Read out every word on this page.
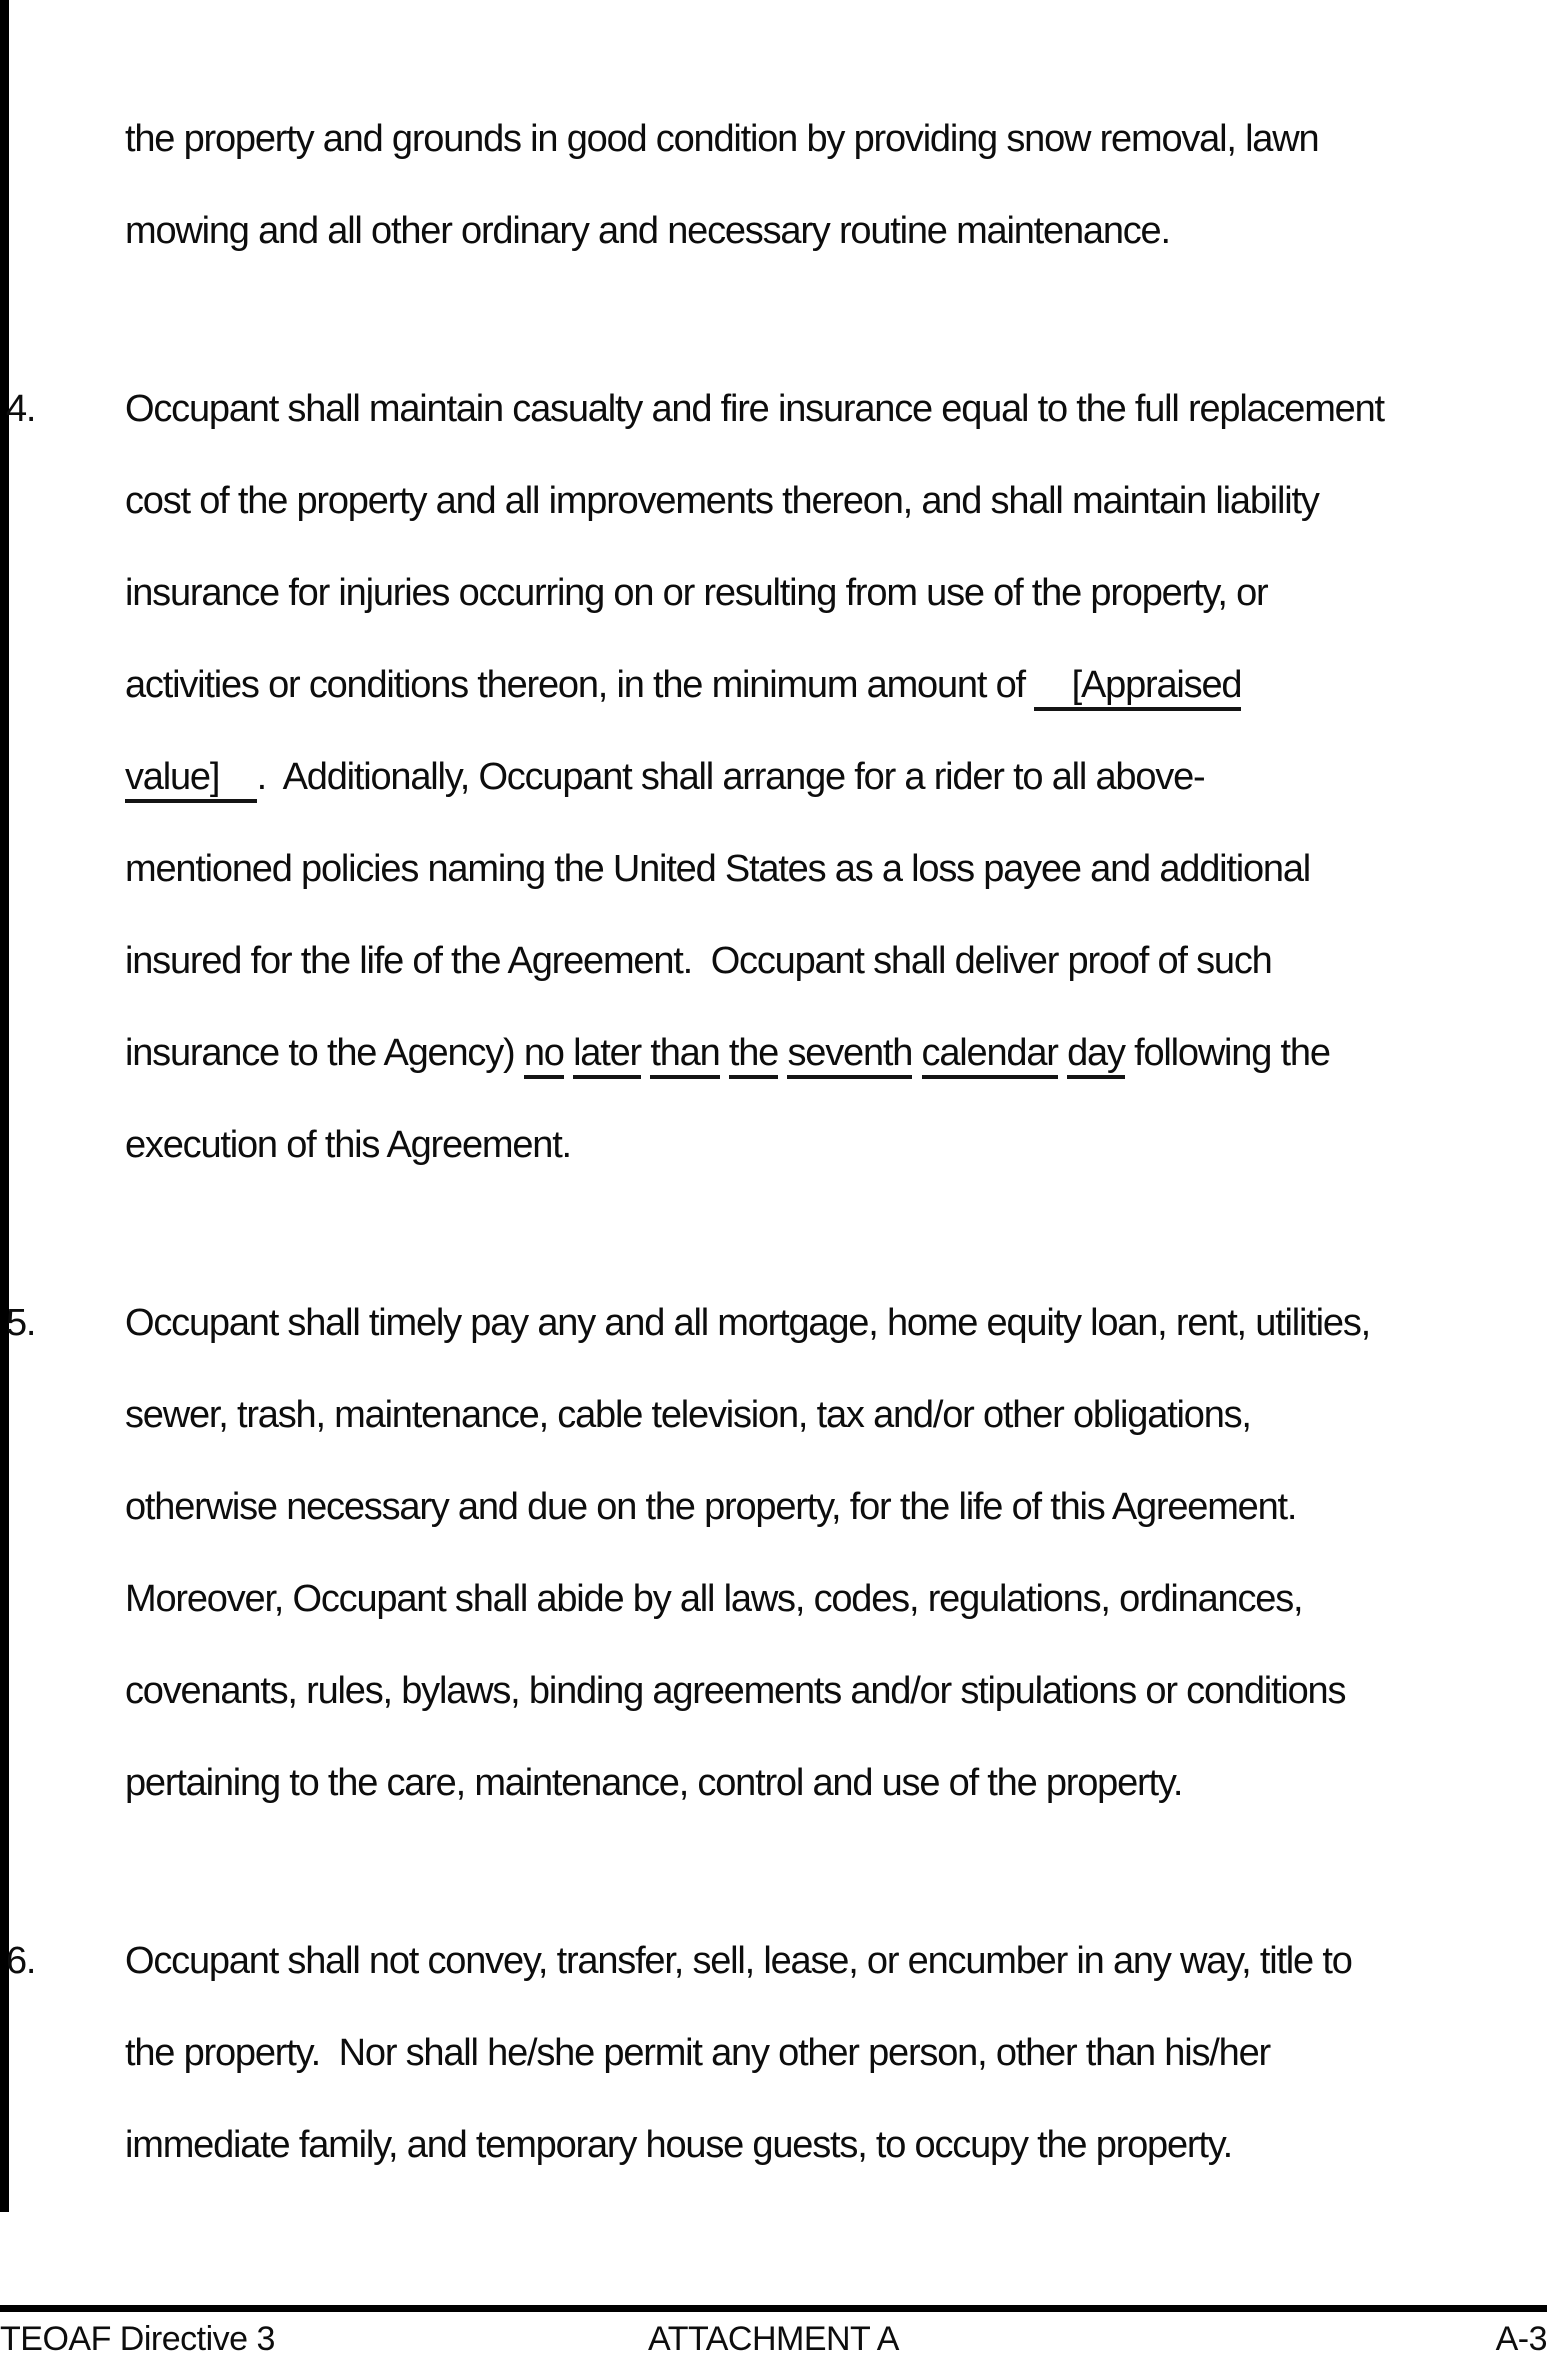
the property and grounds in good condition by providing snow removal, lawn
mowing and all other ordinary and necessary routine maintenance.
4. Occupant shall maintain casualty and fire insurance equal to the full replacement
cost of the property and all improvements thereon, and shall maintain liability
insurance for injuries occurring on or resulting from use of the property, or
activities or conditions thereon, in the minimum amount of     [Appraised
value]    .  Additionally, Occupant shall arrange for a rider to all above-
mentioned policies naming the United States as a loss payee and additional
insured for the life of the Agreement.  Occupant shall deliver proof of such
insurance to the Agency) no later than the seventh calendar day following the
execution of this Agreement.
5. Occupant shall timely pay any and all mortgage, home equity loan, rent, utilities,
sewer, trash, maintenance, cable television, tax and/or other obligations,
otherwise necessary and due on the property, for the life of this Agreement.
Moreover, Occupant shall abide by all laws, codes, regulations, ordinances,
covenants, rules, bylaws, binding agreements and/or stipulations or conditions
pertaining to the care, maintenance, control and use of the property.
6. Occupant shall not convey, transfer, sell, lease, or encumber in any way, title to
the property.  Nor shall he/she permit any other person, other than his/her
immediate family, and temporary house guests, to occupy the property.
TEOAF Directive 3	ATTACHMENT A	A-3
